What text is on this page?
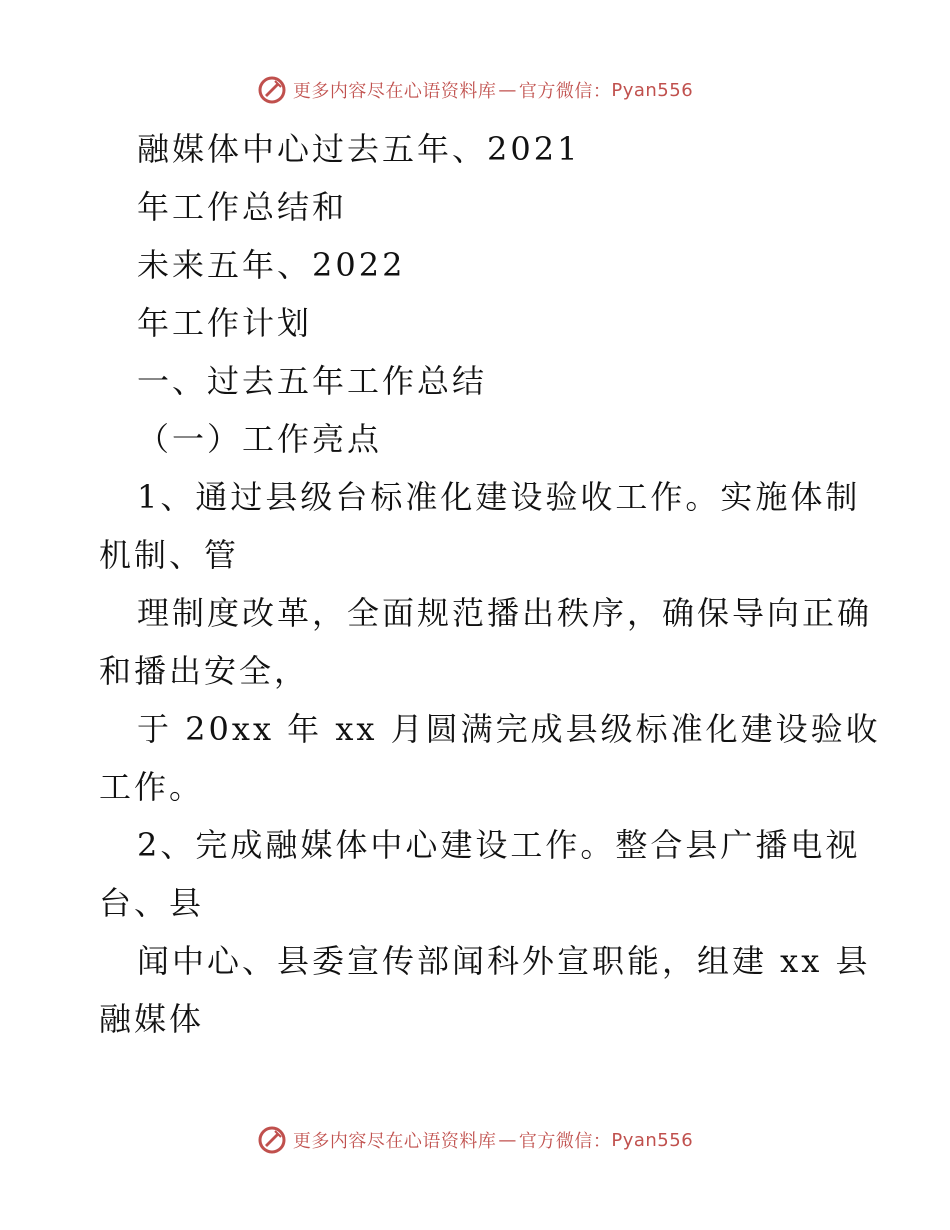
更多内容尽在心语资料库 — 官方微信： Pyan556
融媒体中心过去五年、2021
年工作总结和
未来五年、2022
年工作计划
一、过去五年工作总结
（一）工作亮点
1、通过县级台标准化建设验收工作。实施体制
机制、管
理制度改革，全面规范播出秩序，确保导向正确
和播出安全，
于 20xx 年 xx 月圆满完成县级标准化建设验收
工作。
2、完成融媒体中心建设工作。整合县广播电视
台、县
闻中心、县委宣传部闻科外宣职能，组建 xx 县
融媒体
更多内容尽在心语资料库 — 官方微信： Pyan556
